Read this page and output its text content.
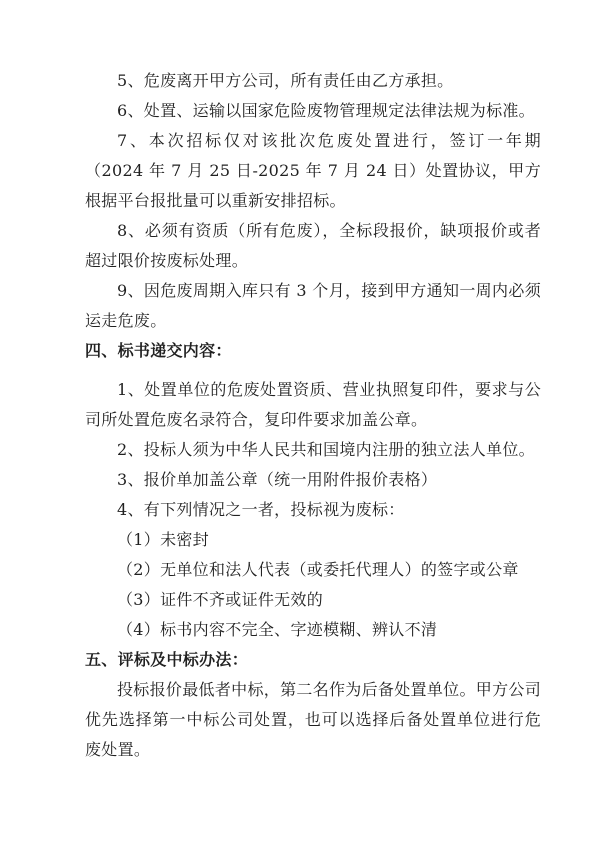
5、危废离开甲方公司，所有责任由乙方承担。

6、处置、运输以国家危险废物管理规定法律法规为标准。

7、本次招标仅对该批次危废处置进行，签订一年期（2024 年 7 月 25 日-2025 年 7 月 24 日）处置协议，甲方根据平台报批量可以重新安排招标。

8、必须有资质（所有危废），全标段报价，缺项报价或者超过限价按废标处理。

9、因危废周期入库只有 3 个月，接到甲方通知一周内必须运走危废。

四、标书递交内容：

1、处置单位的危废处置资质、营业执照复印件，要求与公司所处置危废名录符合，复印件要求加盖公章。

2、投标人须为中华人民共和国境内注册的独立法人单位。

3、报价单加盖公章（统一用附件报价表格）

4、有下列情况之一者，投标视为废标：

（1）未密封

（2）无单位和法人代表（或委托代理人）的签字或公章

（3）证件不齐或证件无效的

（4）标书内容不完全、字迹模糊、辨认不清

五、评标及中标办法：

投标报价最低者中标，第二名作为后备处置单位。甲方公司优先选择第一中标公司处置，也可以选择后备处置单位进行危废处置。
